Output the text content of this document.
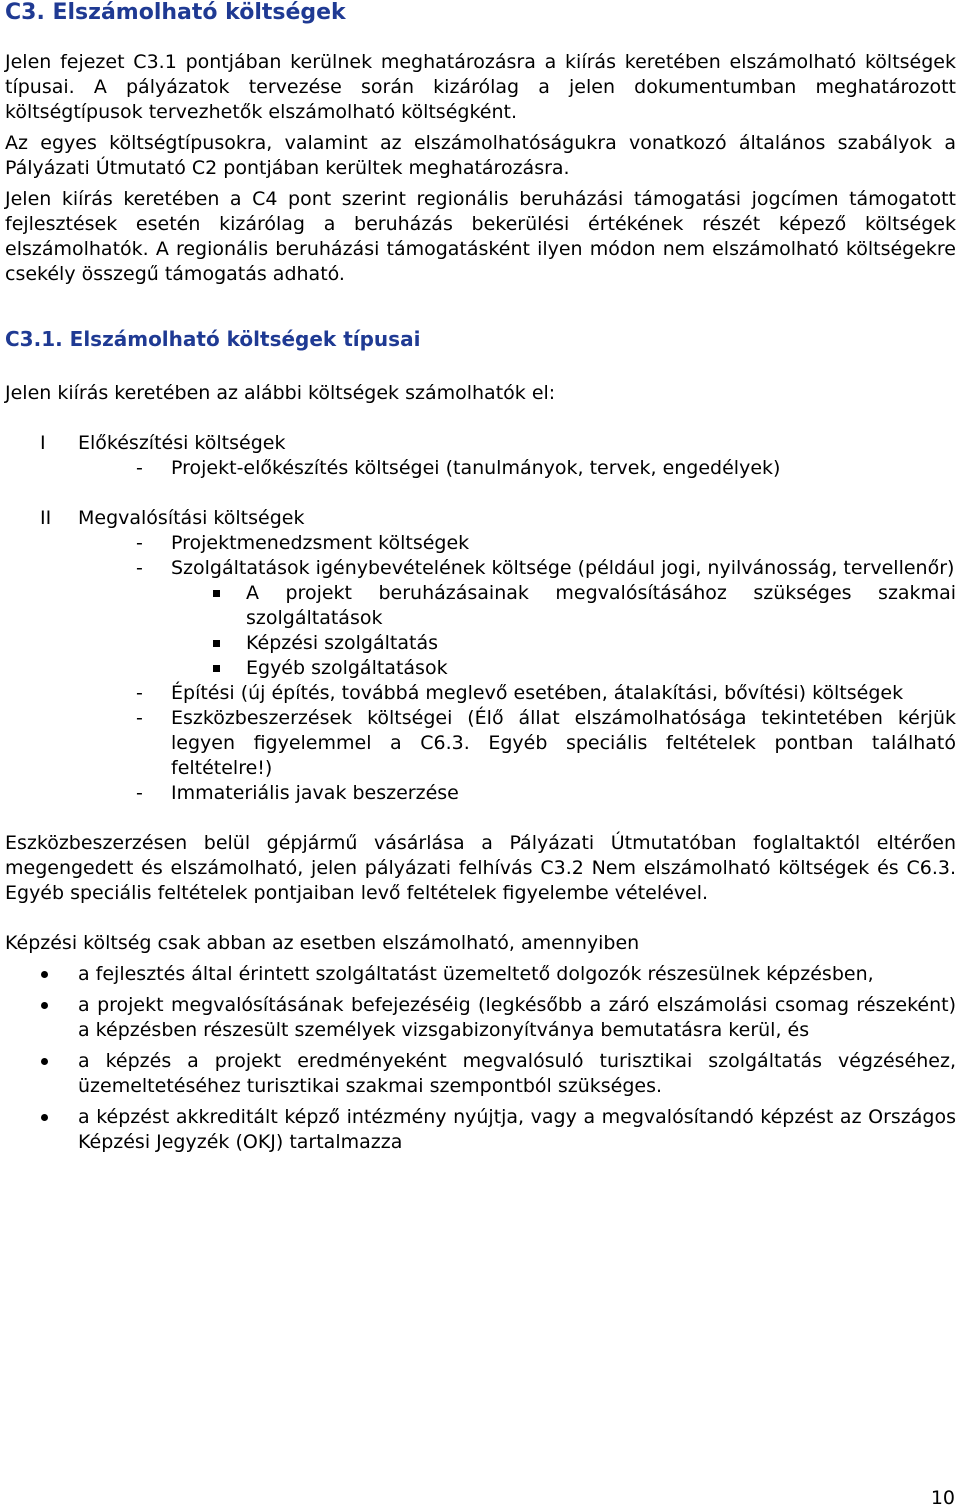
C3. Elszámolható költségek

Jelen fejezet C3.1 pontjában kerülnek meghatározásra a kiírás keretében elszámolható költségek típusai. A pályázatok tervezése során kizárólag a jelen dokumentumban meghatározott költségtípusok tervezhetők elszámolható költségként.

Az egyes költségtípusokra, valamint az elszámolhatóságukra vonatkozó általános szabályok a Pályázati Útmutató C2 pontjában kerültek meghatározásra.

Jelen kiírás keretében a C4 pont szerint regionális beruházási támogatási jogcímen támogatott fejlesztések esetén kizárólag a beruházás bekerülési értékének részét képező költségek elszámolhatók. A regionális beruházási támogatásként ilyen módon nem elszámolható költségekre csekély összegű támogatás adható.

C3.1. Elszámolható költségek típusai

Jelen kiírás keretében az alábbi költségek számolhatók el:

I Előkészítési költségek
- Projekt-előkészítés költségei (tanulmányok, tervek, engedélyek)
II Megvalósítási költségek
- Projektmenedzsment költségek
- Szolgáltatások igénybevételének költsége (például jogi, nyilvánosság, tervellenőr)
A projekt beruházásainak megvalósításához szükséges szakmai szolgáltatások
Képzési szolgáltatás
Egyéb szolgáltatások
- Építési (új építés, továbbá meglevő esetében, átalakítási, bővítési) költségek
- Eszközbeszerzések költségei (Élő állat elszámolhatósága tekintetében kérjük legyen figyelemmel a C6.3. Egyéb speciális feltételek pontban található feltételre!)
- Immateriális javak beszerzése

Eszközbeszerzésen belül gépjármű vásárlása a Pályázati Útmutatóban foglaltaktól eltérően megengedett és elszámolható, jelen pályázati felhívás C3.2 Nem elszámolható költségek és C6.3. Egyéb speciális feltételek pontjaiban levő feltételek figyelembe vételével.

Képzési költség csak abban az esetben elszámolható, amennyiben

a fejlesztés által érintett szolgáltatást üzemeltető dolgozók részesülnek képzésben,
a projekt megvalósításának befejezéséig (legkésőbb a záró elszámolási csomag részeként) a képzésben részesült személyek vizsgabizonyítványa bemutatásra kerül, és
a képzés a projekt eredményeként megvalósuló turisztikai szolgáltatás végzéséhez, üzemeltetéséhez turisztikai szakmai szempontból szükséges.
a képzést akkreditált képző intézmény nyújtja, vagy a megvalósítandó képzést az Országos Képzési Jegyzék (OKJ) tartalmazza
10
